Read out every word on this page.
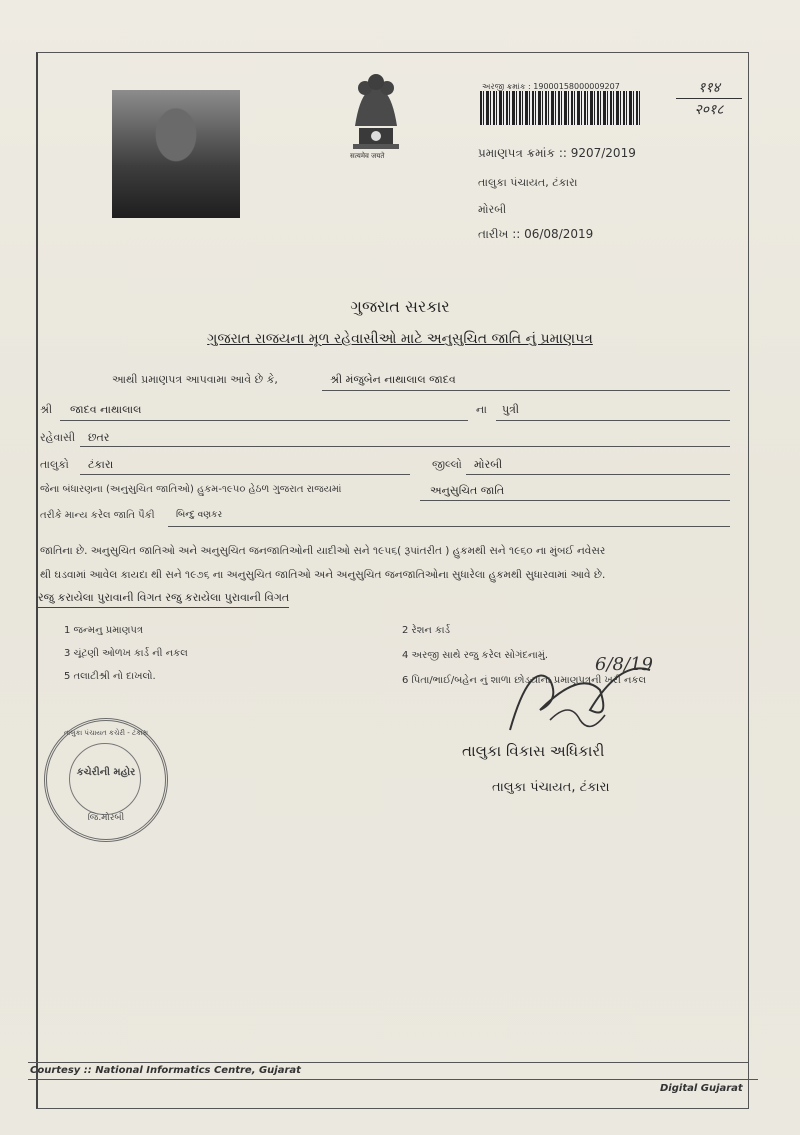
सत्यमेव जयते
અરજી ક્રમાંક : 19000158000009207	११४
२०१८
પ્રમાણપત્ર ક્રમાંક :: 9207/2019
તાલુકા પંચાયત, ટંકારા
મોરબી
તારીખ :: 06/08/2019
ગુજરાત સરકાર
ગુજરાત રાજયના મૂળ રહેવાસીઓ માટે અનુસુચિત જાતિ નું પ્રમાણપત્ર
આથી પ્રમાણપત્ર આપવામા આવે છે કે,	શ્રી મંજુબેન નાથાલાલ જાદવ
શ્રી જાદવ નાથાલાલ	ના પુત્રી
રહેવાસી છતર
તાલુકો ટંકારા	જીલ્લો મોરબી
જેના બંધારણના (અનુસુચિત જાતિઓ) હુકમ-૧૯૫૦ હેઠળ ગુજરાત રાજયમાં	અનુસુચિત જાતિ
તરીકે માન્ય કરેલ જાતિ પૈકી બિન્દુ વણકર
જાતિના છે. અનુસુચિત જાતિઓ અને અનુસુચિત જનજાતિઓની યાદીઓ સને ૧૯૫૬( રૂપાંતરીત ) હુકમથી સને ૧૯૬૦ ના મુંબઈ નવેસર
થી ઘડવામાં આવેલ કાયદા થી સને ૧૯૭૬ ના અનુસુચિત જાતિઓ અને અનુસુચિત જનજાતિઓના સુધારેલા હુકમથી સુધારવામાં આવે છે.
રજુ કરાયેલા પુરાવાની વિગત રજુ કરાયેલા પુરાવાની વિગત
1 જન્મનુ પ્રમાણપત્ર	2 રેશન કાર્ડ
3 ચૂંટણી ઓળખ કાર્ડ ની નકલ	4 અરજી સાથે રજુ કરેલ સોગંદનામું.
5 તલાટીશ્રી નો દાખલો.	6 પિતા/ભાઈ/બહેન નું શાળા છોડયાના પ્રમાણપત્રની ખરી નકલ
તાલુકા પંચાયત કચેરી - ટંકારા
કચેરીની મહોર
જિ.મોરબી
6/8/19
તાલુકા વિકાસ અધિકારી
તાલુકા પંચાયત, ટંકારા
Courtesy :: National Informatics Centre, Gujarat
Digital Gujarat
